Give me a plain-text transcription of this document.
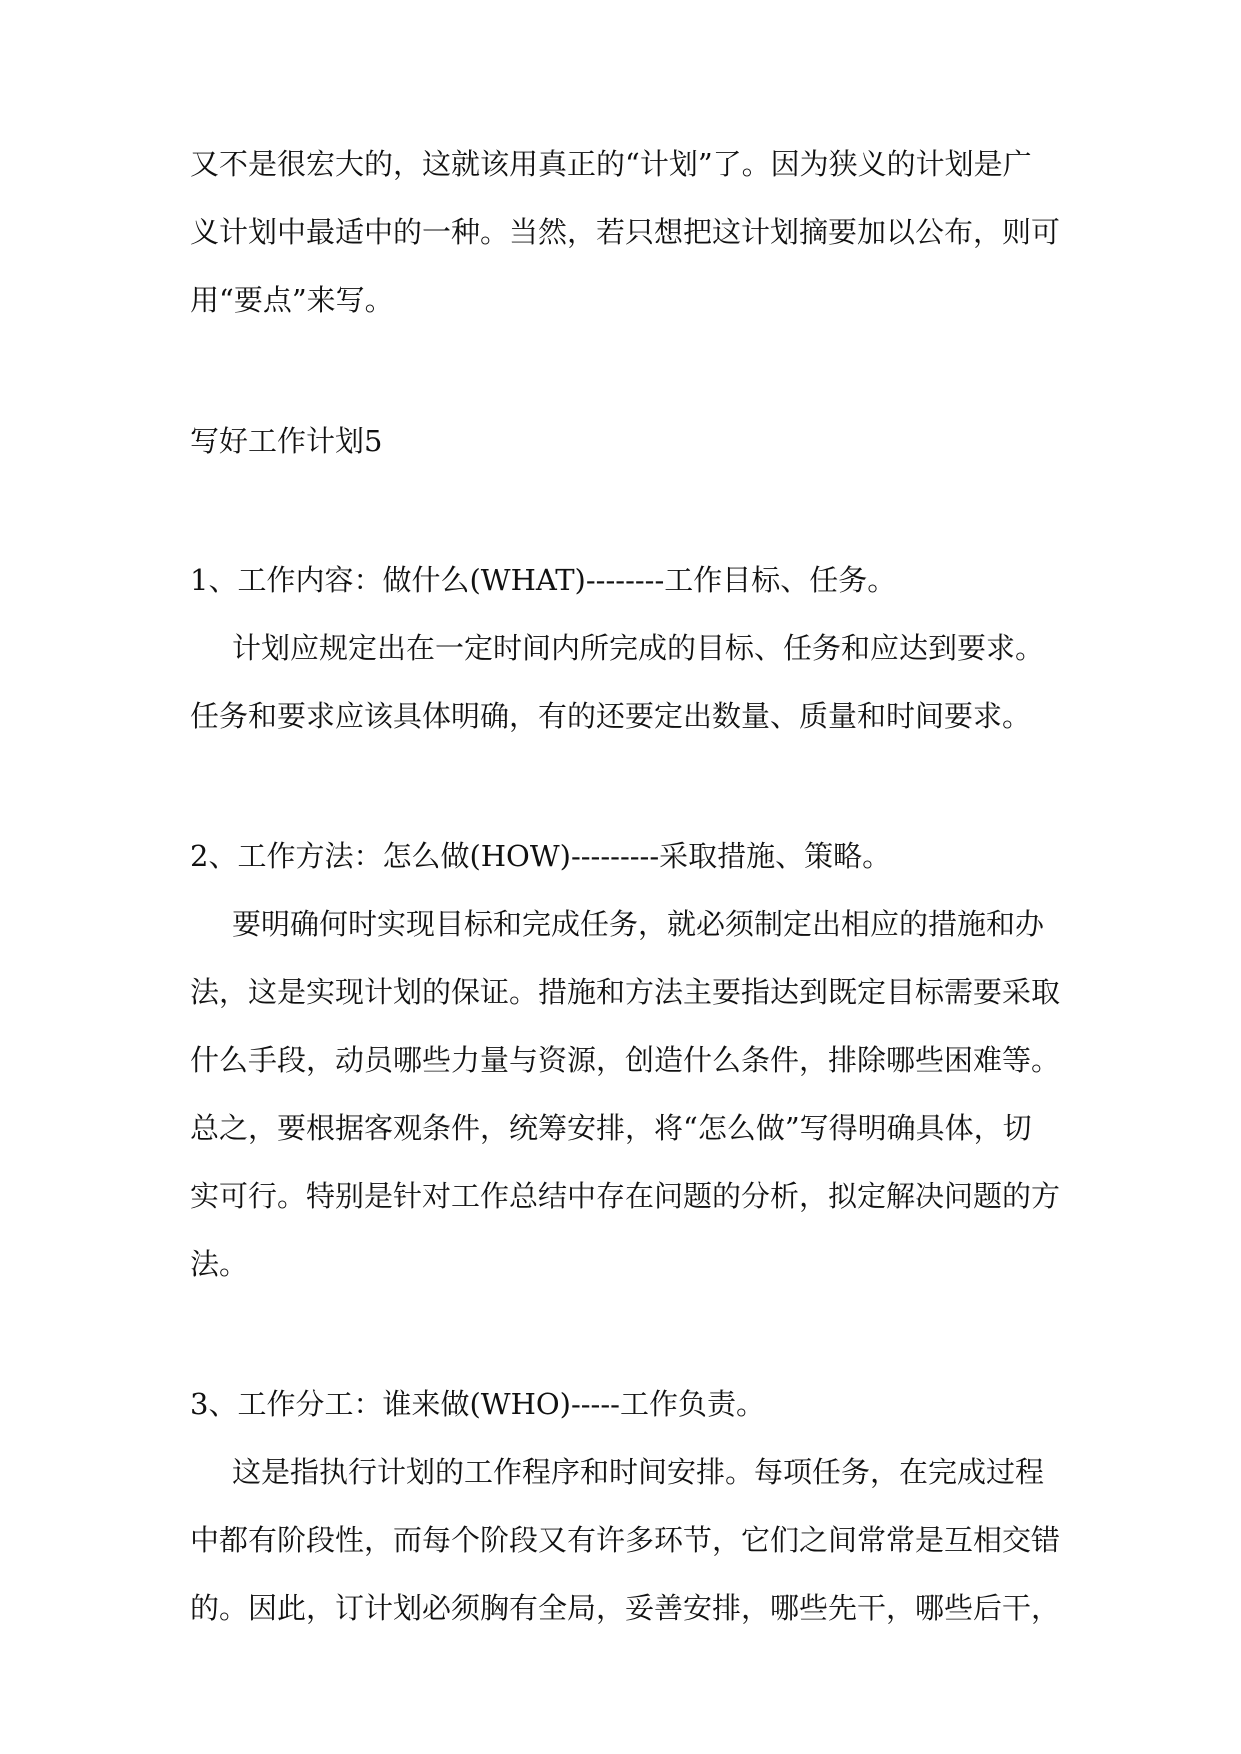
又不是很宏大的，这就该用真正的“计划”了。因为狭义的计划是广
义计划中最适中的一种。当然，若只想把这计划摘要加以公布，则可
用“要点”来写。
写好工作计划5
1、工作内容：做什么(WHAT)--------工作目标、任务。
计划应规定出在一定时间内所完成的目标、任务和应达到要求。
任务和要求应该具体明确，有的还要定出数量、质量和时间要求。
2、工作方法：怎么做(HOW)---------采取措施、策略。
要明确何时实现目标和完成任务，就必须制定出相应的措施和办
法，这是实现计划的保证。措施和方法主要指达到既定目标需要采取
什么手段，动员哪些力量与资源，创造什么条件，排除哪些困难等。
总之，要根据客观条件，统筹安排，将“怎么做”写得明确具体，切
实可行。特别是针对工作总结中存在问题的分析，拟定解决问题的方
法。
3、工作分工：谁来做(WHO)-----工作负责。
这是指执行计划的工作程序和时间安排。每项任务，在完成过程
中都有阶段性，而每个阶段又有许多环节，它们之间常常是互相交错
的。因此，订计划必须胸有全局，妥善安排，哪些先干，哪些后干，
